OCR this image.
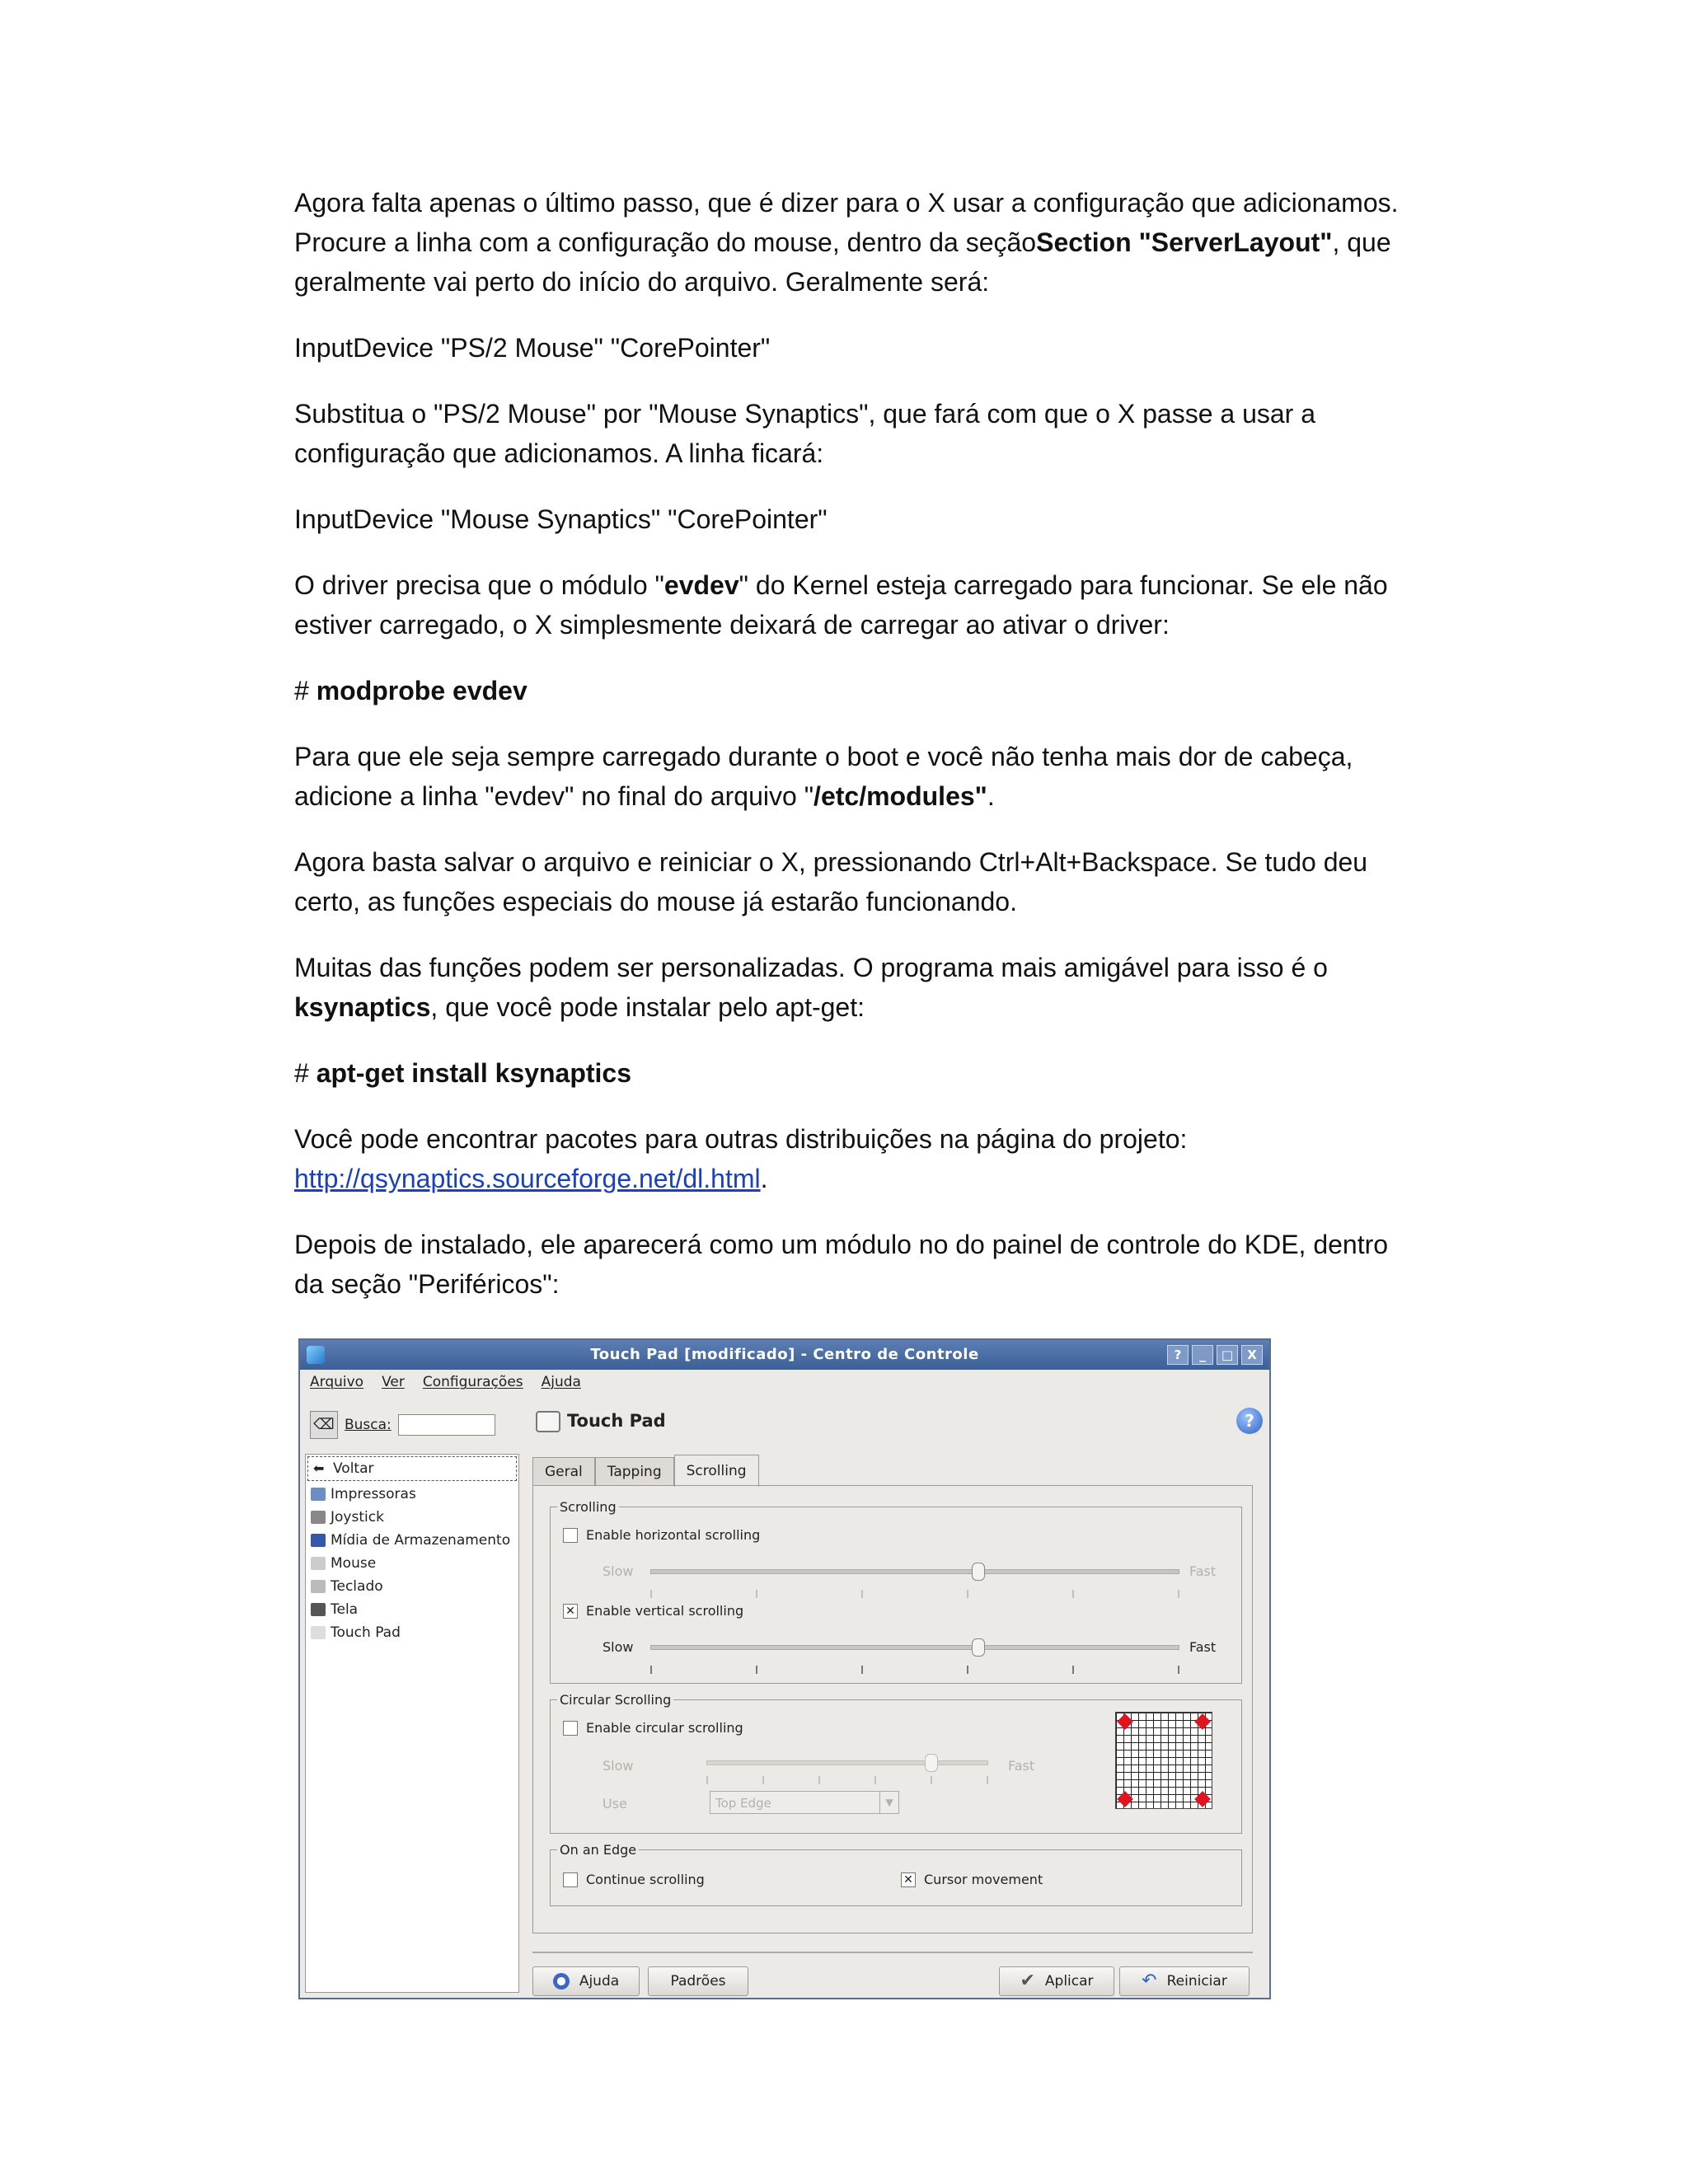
Agora falta apenas o último passo, que é dizer para o X usar a configuração que adicionamos. Procure a linha com a configuração do mouse, dentro da seçãoSection "ServerLayout", que geralmente vai perto do início do arquivo. Geralmente será:

InputDevice "PS/2 Mouse" "CorePointer"

Substitua o "PS/2 Mouse" por "Mouse Synaptics", que fará com que o X passe a usar a configuração que adicionamos. A linha ficará:

InputDevice "Mouse Synaptics" "CorePointer"

O driver precisa que o módulo "evdev" do Kernel esteja carregado para funcionar. Se ele não estiver carregado, o X simplesmente deixará de carregar ao ativar o driver:

# modprobe evdev

Para que ele seja sempre carregado durante o boot e você não tenha mais dor de cabeça, adicione a linha "evdev" no final do arquivo "/etc/modules".

Agora basta salvar o arquivo e reiniciar o X, pressionando Ctrl+Alt+Backspace. Se tudo deu certo, as funções especiais do mouse já estarão funcionando.

Muitas das funções podem ser personalizadas. O programa mais amigável para isso é o ksynaptics, que você pode instalar pelo apt-get:

# apt-get install ksynaptics

Você pode encontrar pacotes para outras distribuições na página do projeto: http://qsynaptics.sourceforge.net/dl.html.

Depois de instalado, ele aparecerá como um módulo no do painel de controle do KDE, dentro da seção "Periféricos":

Touch Pad [modificado] - Centro de Controle	?	_	□	X
Arquivo Ver Configurações Ajuda
⌫ Busca:
⬅ Voltar
Impressoras
Joystick
Mídia de Armazenamento
Mouse
Teclado
Tela
Touch Pad
Touch Pad	?
Geral	Tapping	Scrolling
Scrolling
Enable horizontal scrolling
Slow	Fast
✕ Enable vertical scrolling
Slow	Fast
Circular Scrolling
Enable circular scrolling
Slow	Fast
Use	Top Edge	▼
On an Edge
Continue scrolling	✕ Cursor movement
Ajuda	Padrões	✔ Aplicar	↶ Reiniciar
